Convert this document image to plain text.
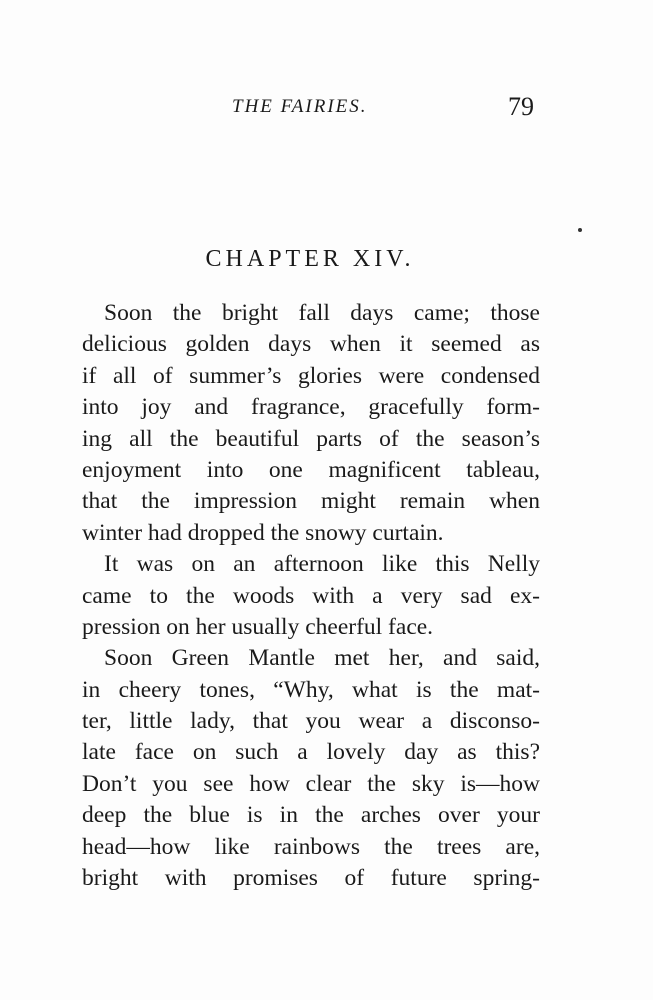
THE FAIRIES.	79
CHAPTER XIV.
Soon the bright fall days came; those
delicious golden days when it seemed as
if all of summer’s glories were condensed
into joy and fragrance, gracefully form-
ing all the beautiful parts of the season’s
enjoyment into one magnificent tableau,
that the impression might remain when
winter had dropped the snowy curtain.
It was on an afternoon like this Nelly
came to the woods with a very sad ex-
pression on her usually cheerful face.
Soon Green Mantle met her, and said,
in cheery tones, “Why, what is the mat-
ter, little lady, that you wear a disconso-
late face on such a lovely day as this?
Don’t you see how clear the sky is—how
deep the blue is in the arches over your
head—how like rainbows the trees are,
bright with promises of future spring-
